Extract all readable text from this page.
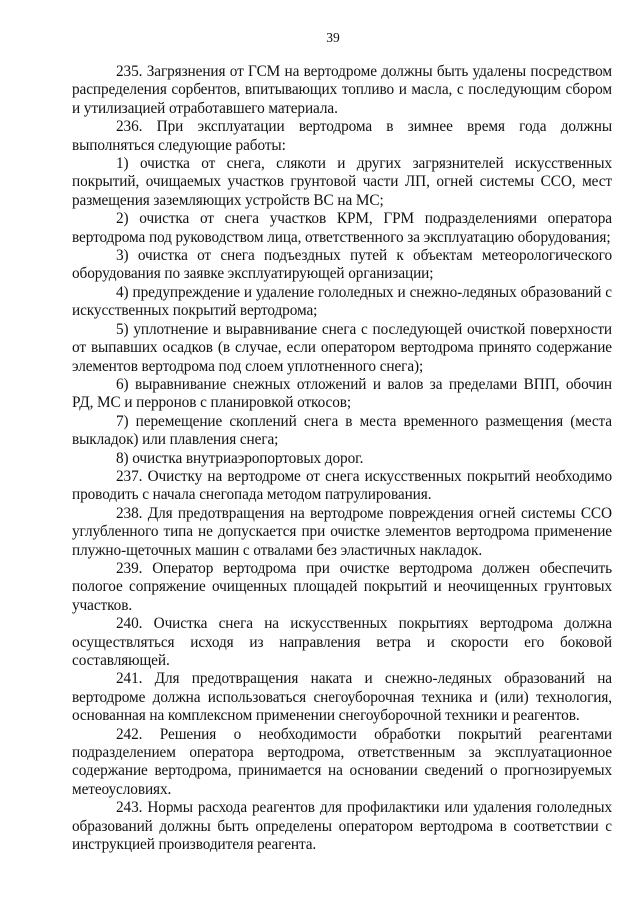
39

235. Загрязнения от ГСМ на вертодроме должны быть удалены посредством распределения сорбентов, впитывающих топливо и масла, с последующим сбором и утилизацией отработавшего материала.

236. При эксплуатации вертодрома в зимнее время года должны выполняться следующие работы:

1) очистка от снега, слякоти и других загрязнителей искусственных покрытий, очищаемых участков грунтовой части ЛП, огней системы ССО, мест размещения заземляющих устройств ВС на МС;

2) очистка от снега участков КРМ, ГРМ подразделениями оператора вертодрома под руководством лица, ответственного за эксплуатацию оборудования;

3) очистка от снега подъездных путей к объектам метеорологического оборудования по заявке эксплуатирующей организации;

4) предупреждение и удаление гололедных и снежно-ледяных образований с искусственных покрытий вертодрома;

5) уплотнение и выравнивание снега с последующей очисткой поверхности от выпавших осадков (в случае, если оператором вертодрома принято содержание элементов вертодрома под слоем уплотненного снега);

6) выравнивание снежных отложений и валов за пределами ВПП, обочин РД, МС и перронов с планировкой откосов;

7) перемещение скоплений снега в места временного размещения (места выкладок) или плавления снега;

8) очистка внутриаэропортовых дорог.

237. Очистку на вертодроме от снега искусственных покрытий необходимо проводить с начала снегопада методом патрулирования.

238. Для предотвращения на вертодроме повреждения огней системы ССО углубленного типа не допускается при очистке элементов вертодрома применение плужно-щеточных машин с отвалами без эластичных накладок.

239. Оператор вертодрома при очистке вертодрома должен обеспечить пологое сопряжение очищенных площадей покрытий и неочищенных грунтовых участков.

240. Очистка снега на искусственных покрытиях вертодрома должна осуществляться исходя из направления ветра и скорости его боковой составляющей.

241. Для предотвращения наката и снежно-ледяных образований на вертодроме должна использоваться снегоуборочная техника и (или) технология, основанная на комплексном применении снегоуборочной техники и реагентов.

242. Решения о необходимости обработки покрытий реагентами подразделением оператора вертодрома, ответственным за эксплуатационное содержание вертодрома, принимается на основании сведений о прогнозируемых метеоусловиях.

243. Нормы расхода реагентов для профилактики или удаления гололедных образований должны быть определены оператором вертодрома в соответствии с инструкцией производителя реагента.
